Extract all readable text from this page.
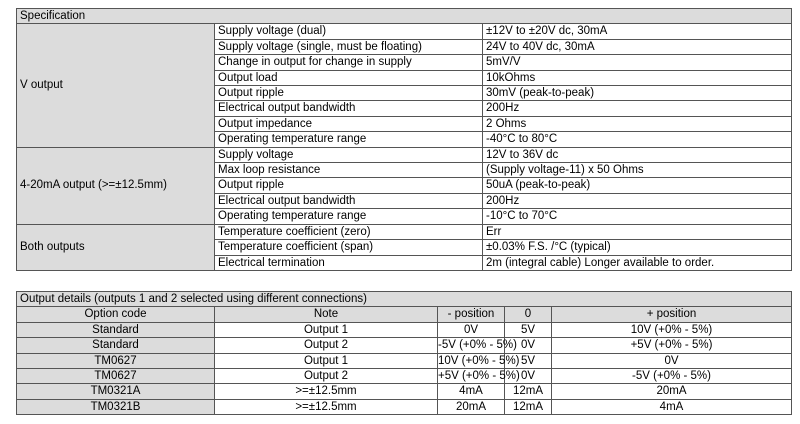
Specification		
V output	Supply voltage (dual)	±12V to ±20V dc, 30mA
	Supply voltage (single, must be floating)	24V to 40V dc, 30mA
	Change in output for change in supply	5mV/V
	Output load	10kOhms
	Output ripple	30mV (peak-to-peak)
	Electrical output bandwidth	200Hz
	Output impedance	2 Ohms
	Operating temperature range	-40°C to 80°C
4-20mA output (>=±12.5mm)	Supply voltage	12V to 36V dc
	Max loop resistance	(Supply voltage-11) x 50 Ohms
	Output ripple	50uA (peak-to-peak)
	Electrical output bandwidth	200Hz
	Operating temperature range	-10°C to 70°C
Both outputs	Temperature coefficient (zero)	Err
	Temperature coefficient (span)	±0.03% F.S. /°C (typical)
	Electrical termination	2m (integral cable) Longer available to order.
Output details (outputs 1 and 2 selected using different connections)				
Option code	Note	- position	0	+ position
Standard	Output 1	0V	5V	10V (+0% - 5%)
Standard	Output 2	-5V (+0% - 5%)	0V	+5V (+0% - 5%)
TM0627	Output 1	10V (+0% - 5%)	5V	0V
TM0627	Output 2	+5V (+0% - 5%)	0V	-5V (+0% - 5%)
TM0321A	>=±12.5mm	4mA	12mA	20mA
TM0321B	>=±12.5mm	20mA	12mA	4mA
